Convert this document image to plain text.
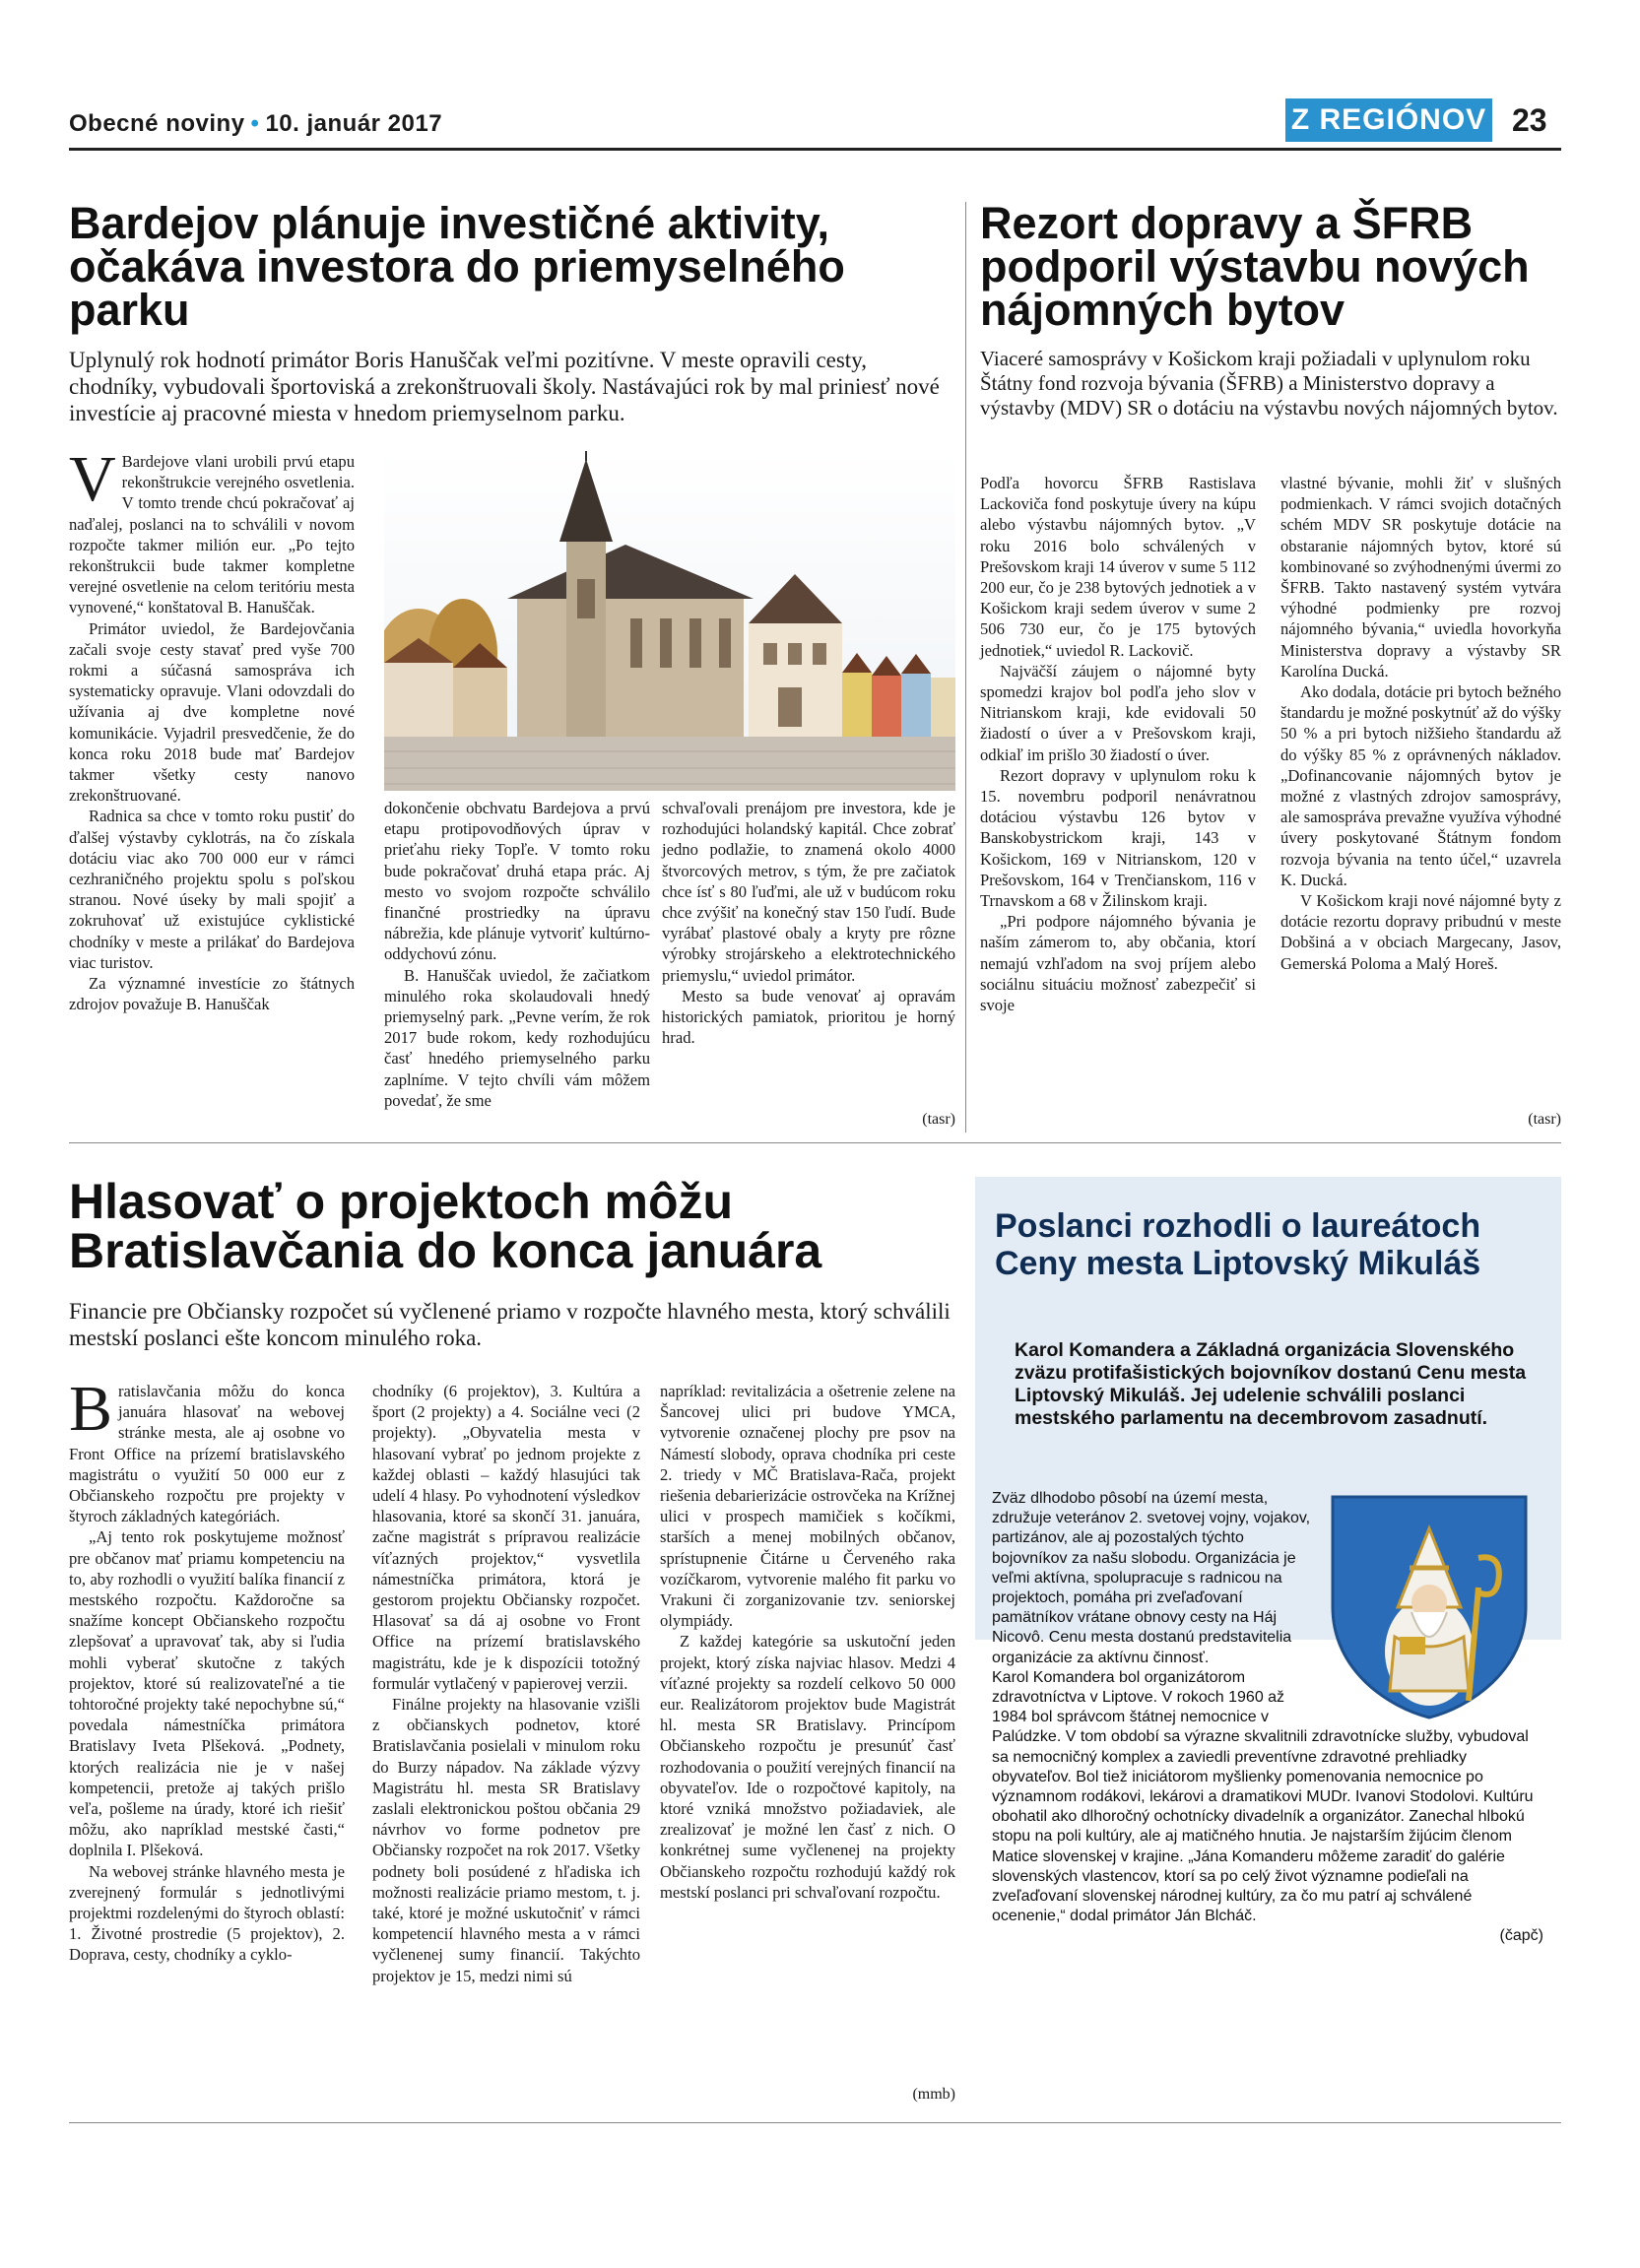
Obecné noviny • 10. január 2017	Z REGIÓNOV 23
Bardejov plánuje investičné aktivity, očakáva investora do priemyselného parku
Uplynulý rok hodnotí primátor Boris Hanuščak veľmi pozitívne. V meste opravili cesty, chodníky, vybudovali športoviská a zrekonštruovali školy. Nastávajúci rok by mal priniesť nové investície aj pracovné miesta v hnedom priemyselnom parku.

V Bardejove vlani urobili prvú etapu rekonštrukcie verejného osvetlenia. V tomto trende chcú pokračovať aj naďalej, poslanci na to schválili v novom rozpočte takmer milión eur. „Po tejto rekonštrukcii bude takmer kompletne verejné osvetlenie na celom teritóriu mesta vynovené,“ konštatoval B. Hanuščak.

Primátor uviedol, že Bardejovčania začali svoje cesty stavať pred vyše 700 rokmi a súčasná samospráva ich systematicky opravuje. Vlani odovzdali do užívania aj dve kompletne nové komunikácie. Vyjadril presvedčenie, že do konca roku 2018 bude mať Bardejov takmer všetky cesty nanovo zrekonštruované.

Radnica sa chce v tomto roku pustiť do ďalšej výstavby cyklotrás, na čo získala dotáciu viac ako 700 000 eur v rámci cezhraničného projektu spolu s poľskou stranou. Nové úseky by mali spojiť a zokruhovať už existujúce cyklistické chodníky v meste a prilákať do Bardejova viac turistov.

Za významné investície zo štátnych zdrojov považuje B. Hanuščak

dokončenie obchvatu Bardejova a prvú etapu protipovodňových úprav v prieťahu rieky Topľe. V tomto roku bude pokračovať druhá etapa prác. Aj mesto vo svojom rozpočte schválilo finančné prostriedky na úpravu nábrežia, kde plánuje vytvoriť kultúrno-oddychovú zónu.

B. Hanuščak uviedol, že začiatkom minulého roka skolaudovali hnedý priemyselný park. „Pevne verím, že rok 2017 bude rokom, kedy rozhodujúcu časť hnedého priemyselného parku zaplníme. V tejto chvíli vám môžem povedať, že sme

schvaľovali prenájom pre investora, kde je rozhodujúci holandský kapitál. Chce zobrať jedno podlažie, to znamená okolo 4000 štvorcových metrov, s tým, že pre začiatok chce ísť s 80 ľuďmi, ale už v budúcom roku chce zvýšiť na konečný stav 150 ľudí. Bude vyrábať plastové obaly a kryty pre rôzne výrobky strojárskeho a elektrotechnického priemyslu,“ uviedol primátor.

Mesto sa bude venovať aj opravám historických pamiatok, prioritou je horný hrad.

(tasr)
Rezort dopravy a ŠFRB podporil výstavbu nových nájomných bytov
Viaceré samosprávy v Košickom kraji požiadali v uplynulom roku Štátny fond rozvoja bývania (ŠFRB) a Ministerstvo dopravy a výstavby (MDV) SR o dotáciu na výstavbu nových nájomných bytov.

Podľa hovorcu ŠFRB Rastislava Lackoviča fond poskytuje úvery na kúpu alebo výstavbu nájomných bytov. „V roku 2016 bolo schválených v Prešovskom kraji 14 úverov v sume 5 112 200 eur, čo je 238 bytových jednotiek a v Košickom kraji sedem úverov v sume 2 506 730 eur, čo je 175 bytových jednotiek,“ uviedol R. Lackovič.

Najväčší záujem o nájomné byty spomedzi krajov bol podľa jeho slov v Nitrianskom kraji, kde evidovali 50 žiadostí o úver a v Prešovskom kraji, odkiaľ im prišlo 30 žiadostí o úver.

Rezort dopravy v uplynulom roku k 15. novembru podporil nenávratnou dotáciou výstavbu 126 bytov v Banskobystrickom kraji, 143 v Košickom, 169 v Nitrianskom, 120 v Prešovskom, 164 v Trenčianskom, 116 v Trnavskom a 68 v Žilinskom kraji.

„Pri podpore nájomného bývania je naším zámerom to, aby občania, ktorí nemajú vzhľadom na svoj príjem alebo sociálnu situáciu možnosť zabezpečiť si svoje

vlastné bývanie, mohli žiť v slušných podmienkach. V rámci svojich dotačných schém MDV SR poskytuje dotácie na obstaranie nájomných bytov, ktoré sú kombinované so zvýhodnenými úvermi zo ŠFRB. Takto nastavený systém vytvára výhodné podmienky pre rozvoj nájomného bývania,“ uviedla hovorkyňa Ministerstva dopravy a výstavby SR Karolína Ducká.

Ako dodala, dotácie pri bytoch bežného štandardu je možné poskytnúť až do výšky 50 % a pri bytoch nižšieho štandardu až do výšky 85 % z oprávnených nákladov. „Dofinancovanie nájomných bytov je možné z vlastných zdrojov samosprávy, ale samospráva prevažne využíva výhodné úvery poskytované Štátnym fondom rozvoja bývania na tento účel,“ uzavrela K. Ducká.

V Košickom kraji nové nájomné byty z dotácie rezortu dopravy pribudnú v meste Dobšiná a v obciach Margecany, Jasov, Gemerská Poloma a Malý Horeš.

(tasr)
Hlasovať o projektoch môžu Bratislavčania do konca januára
Financie pre Občiansky rozpočet sú vyčlenené priamo v rozpočte hlavného mesta, ktorý schválili mestskí poslanci ešte koncom minulého roka.

Bratislavčania môžu do konca januára hlasovať na webovej stránke mesta, ale aj osobne vo Front Office na prízemí bratislavského magistrátu o využití 50 000 eur z Občianskeho rozpočtu pre projekty v štyroch základných kategóriách.

„Aj tento rok poskytujeme možnosť pre občanov mať priamu kompetenciu na to, aby rozhodli o využití balíka financií z mestského rozpočtu. Každoročne sa snažíme koncept Občianskeho rozpočtu zlepšovať a upravovať tak, aby si ľudia mohli vyberať skutočne z takých projektov, ktoré sú realizovateľné a tie tohtoročné projekty také nepochybne sú,“ povedala námestníčka primátora Bratislavy Iveta Plšeková. „Podnety, ktorých realizácia nie je v našej kompetencii, pretože aj takých prišlo veľa, pošleme na úrady, ktoré ich riešiť môžu, ako napríklad mestské časti,“ doplnila I. Plšeková.

Na webovej stránke hlavného mesta je zverejnený formulár s jednotlivými projektmi rozdelenými do štyroch oblastí: 1. Životné prostredie (5 projektov), 2. Doprava, cesty, chodníky a cyklo-

chodníky (6 projektov), 3. Kultúra a šport (2 projekty) a 4. Sociálne veci (2 projekty). „Obyvatelia mesta v hlasovaní vybrať po jednom projekte z každej oblasti – každý hlasujúci tak udelí 4 hlasy. Po vyhodnotení výsledkov hlasovania, ktoré sa skončí 31. januára, začne magistrát s prípravou realizácie víťazných projektov,“ vysvetlila námestníčka primátora, ktorá je gestorom projektu Občiansky rozpočet. Hlasovať sa dá aj osobne vo Front Office na prízemí bratislavského magistrátu, kde je k dispozícii totožný formulár vytlačený v papierovej verzii.

Finálne projekty na hlasovanie vzišli z občianskych podnetov, ktoré Bratislavčania posielali v minulom roku do Burzy nápadov. Na základe výzvy Magistrátu hl. mesta SR Bratislavy zaslali elektronickou poštou občania 29 návrhov vo forme podnetov pre Občiansky rozpočet na rok 2017. Všetky podnety boli posúdené z hľadiska ich možnosti realizácie priamo mestom, t. j. také, ktoré je možné uskutočniť v rámci kompetencií hlavného mesta a v rámci vyčlenenej sumy financií. Takýchto projektov je 15, medzi nimi sú

napríklad: revitalizácia a ošetrenie zelene na Šancovej ulici pri budove YMCA, vytvorenie označenej plochy pre psov na Námestí slobody, oprava chodníka pri ceste 2. triedy v MČ Bratislava-Rača, projekt riešenia debarierizácie ostrovčeka na Krížnej ulici v prospech mamičiek s kočíkmi, starších a menej mobilných občanov, sprístupnenie Čitárne u Červeného raka vozíčkarom, vytvorenie malého fit parku vo Vrakuni či zorganizovanie tzv. seniorskej olympiády.

Z každej kategórie sa uskutoční jeden projekt, ktorý získa najviac hlasov. Medzi 4 víťazné projekty sa rozdelí celkovo 50 000 eur. Realizátorom projektov bude Magistrát hl. mesta SR Bratislavy. Princípom Občianskeho rozpočtu je presunúť časť rozhodovania o použití verejných financií na obyvateľov. Ide o rozpočtové kapitoly, na ktoré vzniká množstvo požiadaviek, ale zrealizovať je možné len časť z nich. O konkrétnej sume vyčlenenej na projekty Občianskeho rozpočtu rozhodujú každý rok mestskí poslanci pri schvaľovaní rozpočtu.

(mmb)
Poslanci rozhodli o laureátoch Ceny mesta Liptovský Mikuláš
Karol Komandera a Základná organizácia Slovenského zväzu protifašistických bojovníkov dostanú Cenu mesta Liptovský Mikuláš. Jej udelenie schválili poslanci mestského parlamentu na decembrovom zasadnutí.
Zväz dlhodobo pôsobí na území mesta, združuje veteránov 2. svetovej vojny, vojakov, partizánov, ale aj pozostalých týchto bojovníkov za našu slobodu. Organizácia je veľmi aktívna, spolupracuje s radnicou na projektoch, pomáha pri zveľaďovaní pamätníkov vrátane obnovy cesty na Háj Nicovô. Cenu mesta dostanú predstavitelia organizácie za aktívnu činnosť.
Karol Komandera bol organizátorom zdravotníctva v Liptove. V rokoch 1960 až 1984 bol správcom štátnej nemocnice v Palúdzke. V tom období sa výrazne skvalitnili zdravotnícke služby, vybudoval sa nemocničný komplex a zaviedli preventívne zdravotné prehliadky obyvateľov. Bol tiež iniciátorom myšlienky pomenovania nemocnice po významnom rodákovi, lekárovi a dramatikovi MUDr. Ivanovi Stodolovi. Kultúru obohatil ako dlhoročný ochotnícky divadelník a organizátor. Zanechal hlbokú stopu na poli kultúry, ale aj matičného hnutia. Je najstarším žijúcim členom Matice slovenskej v krajine. „Jána Komanderu môžeme zaradiť do galérie slovenských vlastencov, ktorí sa po celý život významne podieľali na zveľaďovaní slovenskej národnej kultúry, za čo mu patrí aj schválené ocenenie,“ dodal primátor Ján Blcháč.
(čapč)
